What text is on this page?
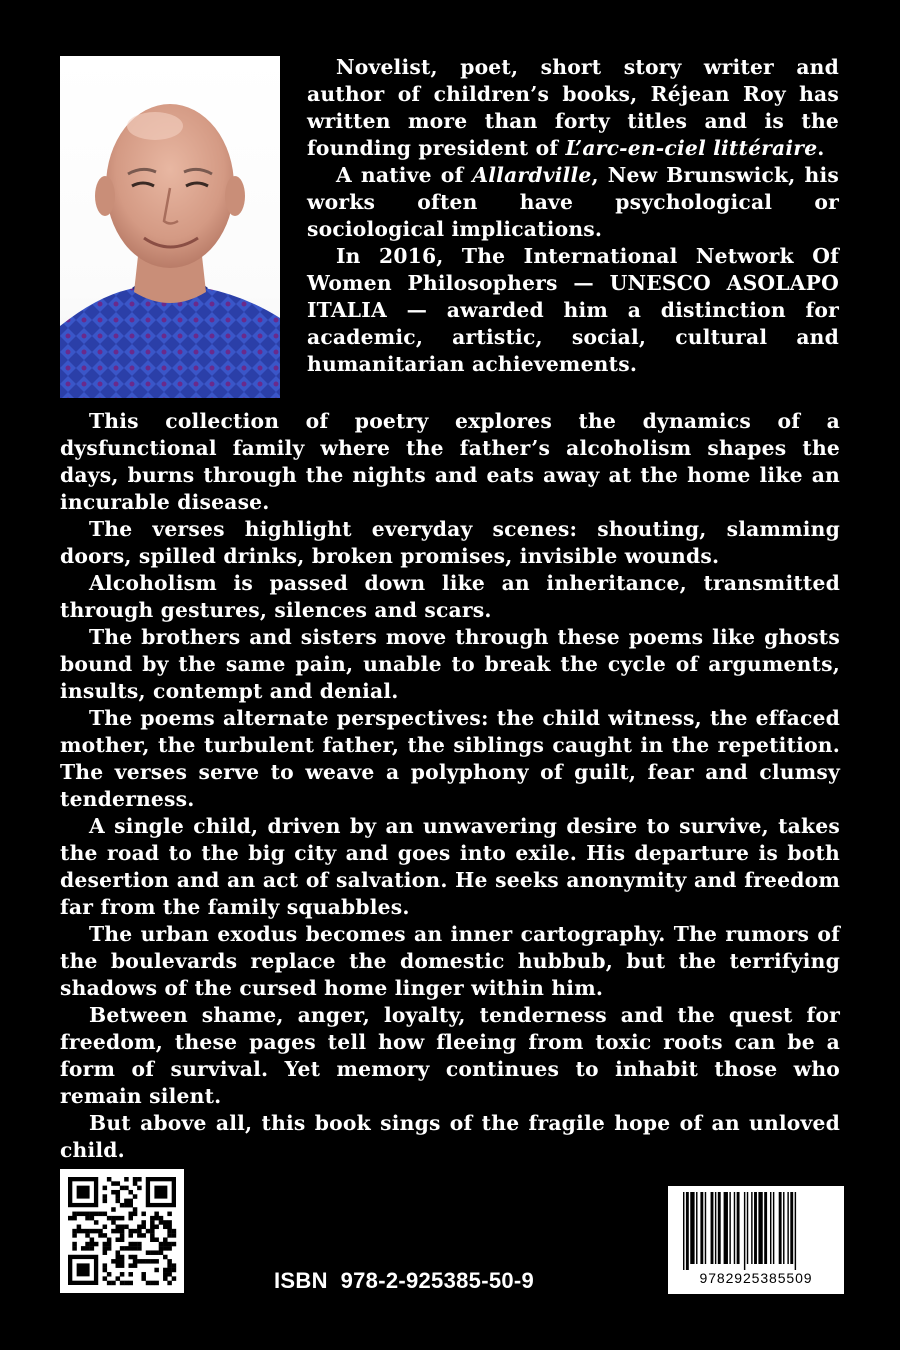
Novelist, poet, short story writer and author of children’s books, Réjean Roy has written more than forty titles and is the founding president of L’arc-en-ciel littéraire.

A native of Allardville, New Brunswick, his works often have psychological or sociological implications.

In 2016, The International Network Of Women Philosophers — UNESCO ASOLAPO ITALIA — awarded him a distinction for academic, artistic, social, cultural and humanitarian achievements.

This collection of poetry explores the dynamics of a dysfunctional family where the father’s alcoholism shapes the days, burns through the nights and eats away at the home like an incurable disease.

The verses highlight everyday scenes: shouting, slamming doors, spilled drinks, broken promises, invisible wounds.

Alcoholism is passed down like an inheritance, transmitted through gestures, silences and scars.

The brothers and sisters move through these poems like ghosts bound by the same pain, unable to break the cycle of arguments, insults, contempt and denial.

The poems alternate perspectives: the child witness, the effaced mother, the turbulent father, the siblings caught in the repetition. The verses serve to weave a polyphony of guilt, fear and clumsy tenderness.

A single child, driven by an unwavering desire to survive, takes the road to the big city and goes into exile. His departure is both desertion and an act of salvation. He seeks anonymity and freedom far from the family squabbles.

The urban exodus becomes an inner cartography. The rumors of the boulevards replace the domestic hubbub, but the terrifying shadows of the cursed home linger within him.

Between shame, anger, loyalty, tenderness and the quest for freedom, these pages tell how fleeing from toxic roots can be a form of survival. Yet memory continues to inhabit those who remain silent.

But above all, this book sings of the fragile hope of an unloved child.

ISBN  978-2-925385-50-9	9782925385509
